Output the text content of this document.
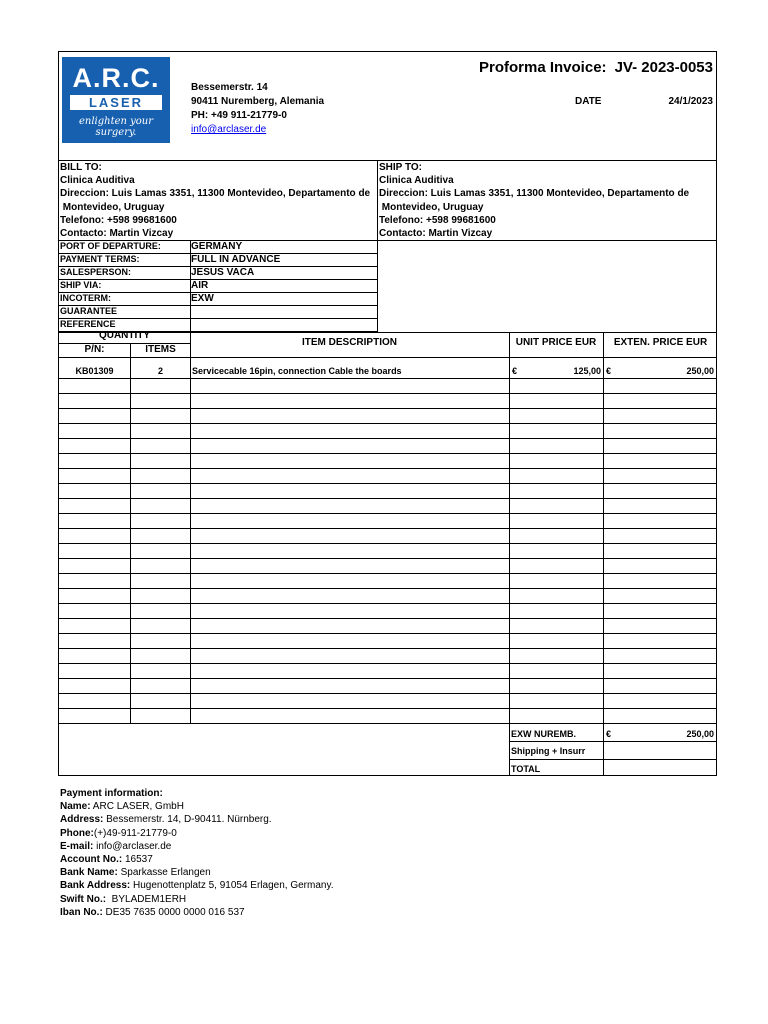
A.R.C.
LASER
enlighten your surgery.
Bessemerstr. 14
90411 Nuremberg, Alemania
PH: +49 911-21779-0
info@arclaser.de
Proforma Invoice: JV- 2023-0053
DATE	24/1/2023
BILL TO:
Clinica Auditiva
Direccion: Luis Lamas 3351, 11300 Montevideo, Departamento de
Montevideo, Uruguay
Telefono: +598 99681600
Contacto: Martin Vizcay
SHIP TO:
Clinica Auditiva
Direccion: Luis Lamas 3351, 11300 Montevideo, Departamento de
Montevideo, Uruguay
Telefono: +598 99681600
Contacto: Martin Vizcay
PORT OF DEPARTURE:	GERMANY
PAYMENT TERMS:	FULL IN ADVANCE
SALESPERSON:	JESUS VACA
SHIP VIA:	AIR
INCOTERM:	EXW
GUARANTEE
REFERENCE
QUANTITY
P/N:	ITEMS
ITEM DESCRIPTION	UNIT PRICE EUR	EXTEN. PRICE EUR
KB01309	2	Servicecable 16pin, connection Cable the boards	€	125,00 €	250,00
EXW NUREMB.	€	250,00
Shipping + Insurr
TOTAL
Payment information:
Name: ARC LASER, GmbH
Address: Bessemerstr. 14, D-90411. Nürnberg.
Phone:(+)49-911-21779-0
E-mail: info@arclaser.de
Account No.: 16537
Bank Name: Sparkasse Erlangen
Bank Address: Hugenottenplatz 5, 91054 Erlagen, Germany.
Swift No.:  BYLADEM1ERH
Iban No.: DE35 7635 0000 0000 016 537
